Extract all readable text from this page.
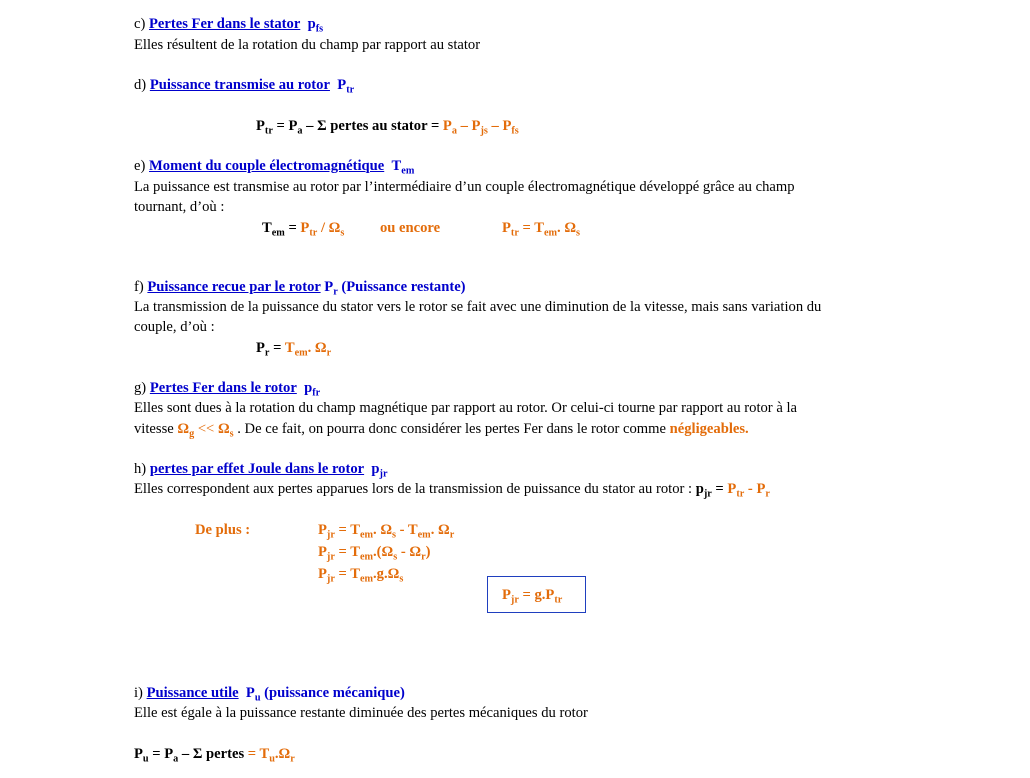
c) Pertes Fer dans le stator $p_{fs}$
Elles résultent de la rotation du champ par rapport au stator
d) Puissance transmise au rotor $P_{tr}$
$P_{tr} = P_a - \Sigma$ pertes au stator = $P_a - P_{js} - P_{fs}$
e) Moment du couple électromagnétique $T_{em}$
La puissance est transmise au rotor par l’intermédiaire d’un couple électromagnétique développé grâce au champ
tournant, d’où :
$T_{em} = P_{tr} / \Omega_s$ ou encore	$P_{tr} = T_{em}$. $\Omega_s$
f) Puissance recue par le rotor $P_r$ (Puissance restante)
La transmission de la puissance du stator vers le rotor se fait avec une diminution de la vitesse, mais sans variation du
couple, d’où :
$P_r = T_{em}$. $\Omega_r$
g) Pertes Fer dans le rotor $p_{fr}$
Elles sont dues à la rotation du champ magnétique par rapport au rotor. Or celui-ci tourne par rapport au rotor à la
vitesse $\Omega_g << \Omega_s$ . De ce fait, on pourra donc considérer les pertes Fer dans le rotor comme négligeables.
h) pertes par effet Joule dans le rotor $p_{jr}$
Elles correspondent aux pertes apparues lors de la transmission de puissance du stator au rotor : $p_{jr} = P_{tr} - P_r$
De plus :	$P_{jr} = T_{em}$. $\Omega_s - T_{em}$. $\Omega_r$
$P_{jr} = T_{em}.(\Omega_s - \Omega_r)$
$P_{jr} = T_{em}.g.\Omega_s$
$P_{jr} = g.P_{tr}$
i) Puissance utile $P_u$ (puissance mécanique)
Elle est égale à la puissance restante diminuée des pertes mécaniques du rotor
$P_u = P_a - \Sigma$ pertes = $T_u.\Omega_r$
